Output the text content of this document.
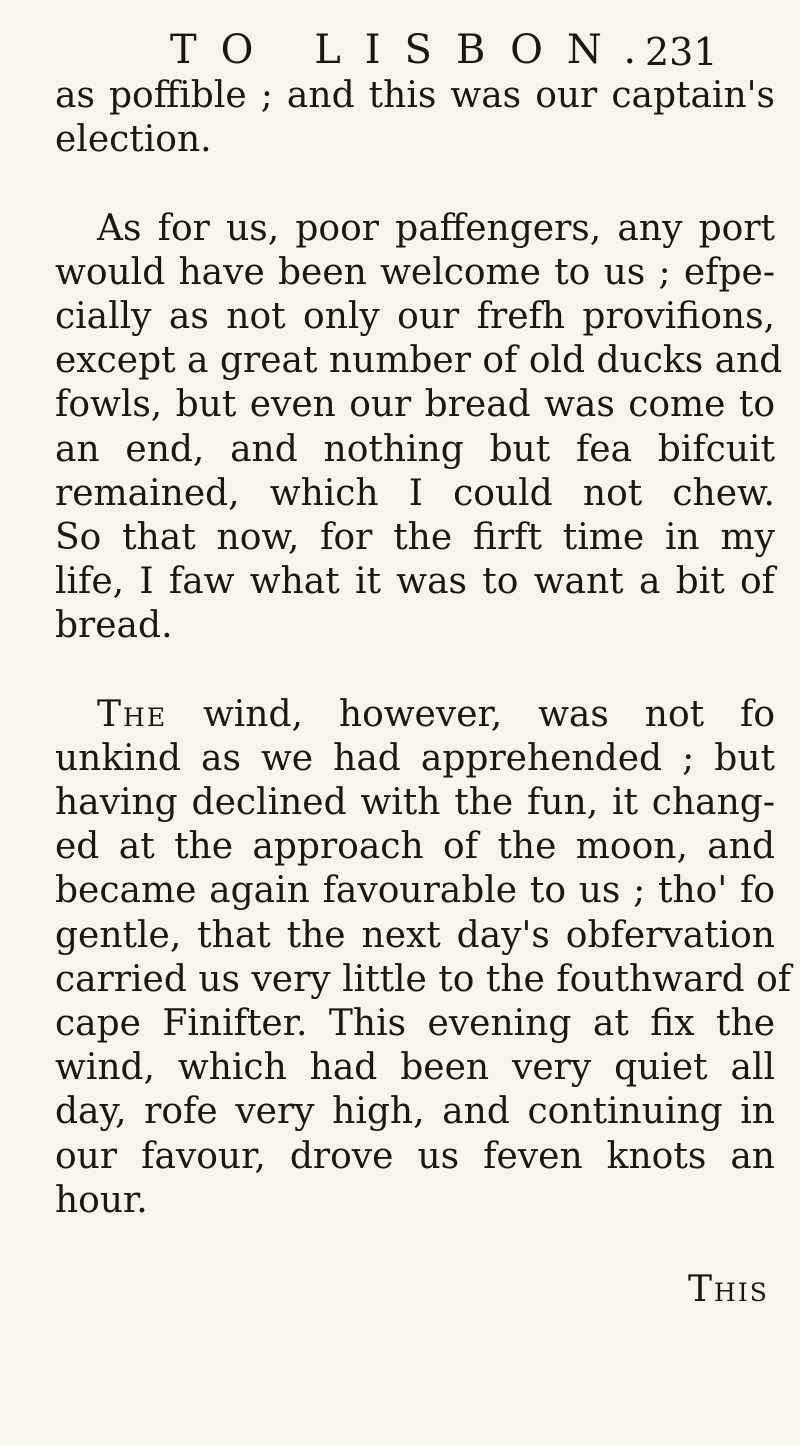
TO LISBON.
231
as poffible ; and this was our captain's
election.
As for us, poor paffengers, any port
would have been welcome to us ; efpe-
cially as not only our frefh provifions,
except a great number of old ducks and
fowls, but even our bread was come to
an end, and nothing but fea bifcuit
remained, which I could not chew.
So that now, for the firft time in my
life, I faw what it was to want a bit of
bread.
The wind, however, was not fo
unkind as we had apprehended ; but
having declined with the fun, it chang-
ed at the approach of the moon, and
became again favourable to us ; tho' fo
gentle, that the next day's obfervation
carried us very little to the fouthward of
cape Finifter. This evening at fix the
wind, which had been very quiet all
day, rofe very high, and continuing in
our favour, drove us feven knots an
hour.
This
